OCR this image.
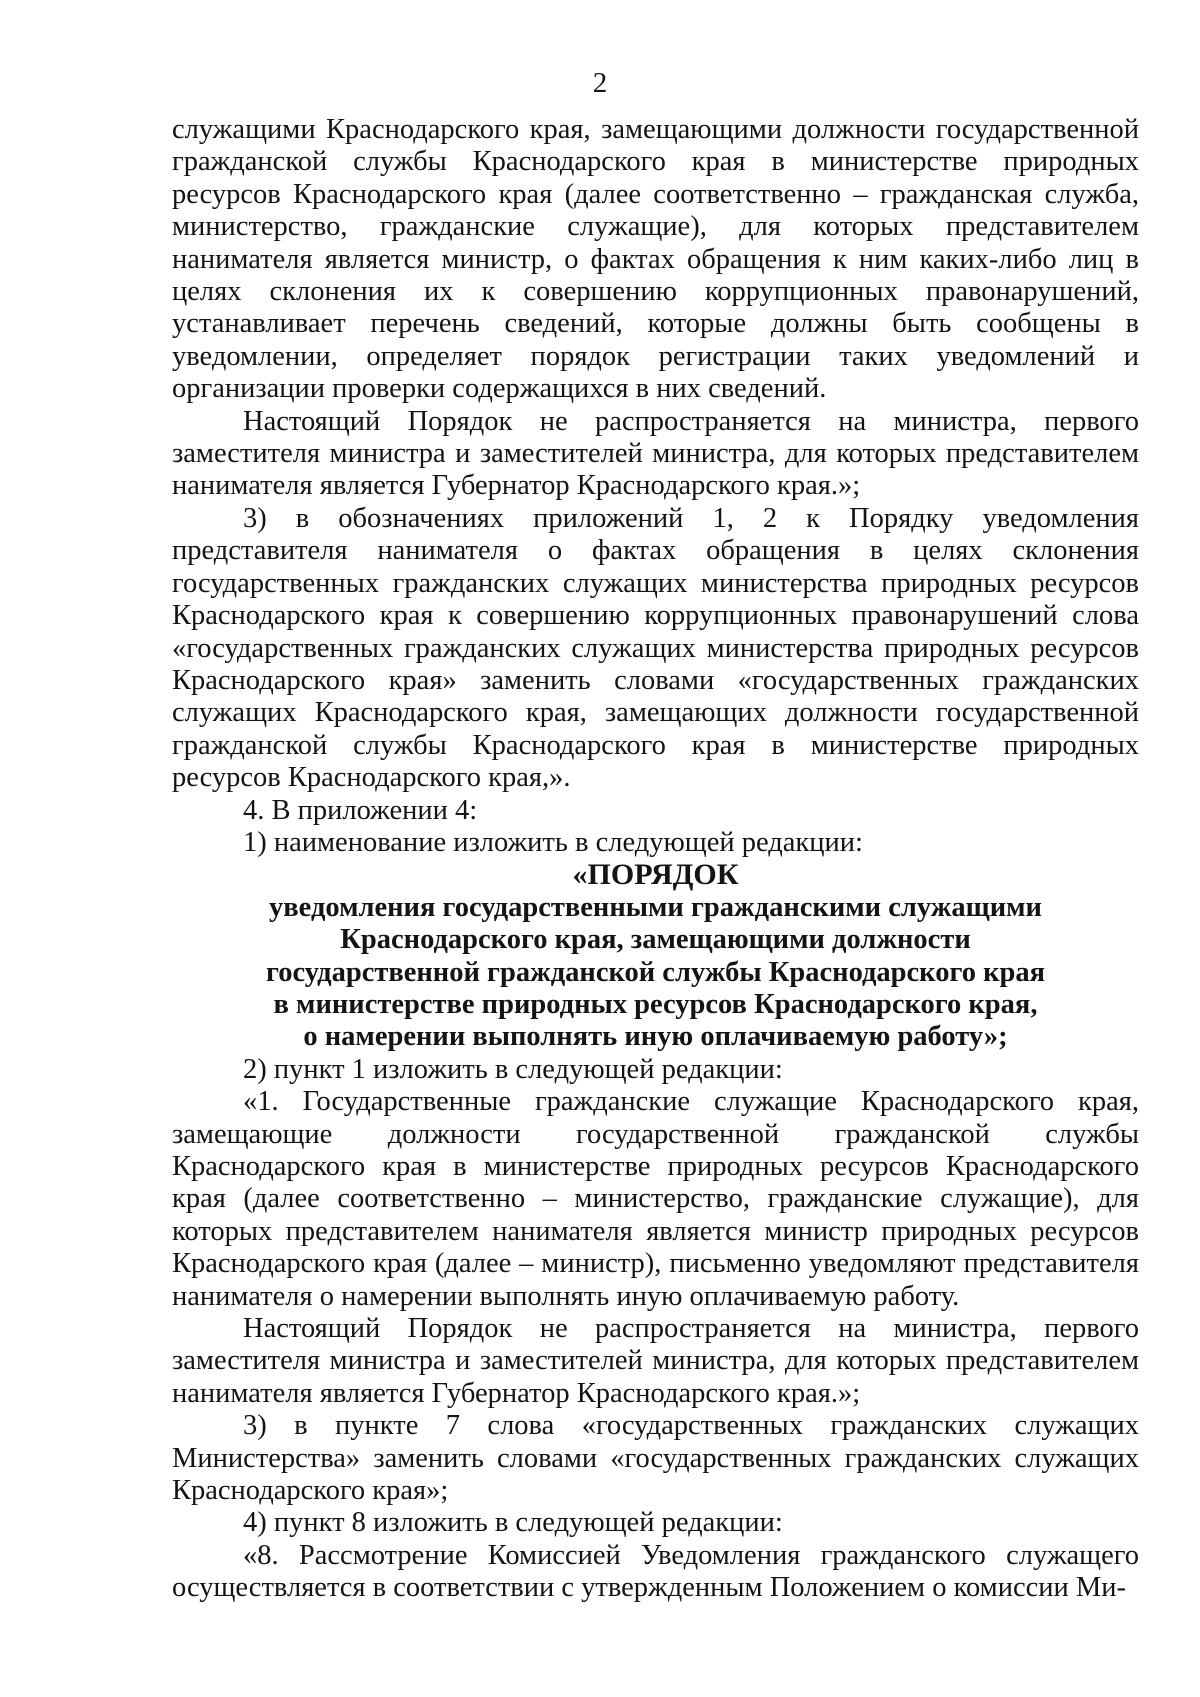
2

служащими Краснодарского края, замещающими должности государственной гражданской службы Краснодарского края в министерстве природных ресурсов Краснодарского края (далее соответственно – гражданская служба, министерство, гражданские служащие), для которых представителем нанимателя является министр, о фактах обращения к ним каких-либо лиц в целях склонения их к совершению коррупционных правонарушений, устанавливает перечень сведений, которые должны быть сообщены в уведомлении, определяет порядок регистрации таких уведомлений и организации проверки содержащихся в них сведений.

Настоящий Порядок не распространяется на министра, первого заместителя министра и заместителей министра, для которых представителем нанимателя является Губернатор Краснодарского края.»;

3) в обозначениях приложений 1, 2 к Порядку уведомления представителя нанимателя о фактах обращения в целях склонения государственных гражданских служащих министерства природных ресурсов Краснодарского края к совершению коррупционных правонарушений слова «государственных гражданских служащих министерства природных ресурсов Краснодарского края» заменить словами «государственных гражданских служащих Краснодарского края, замещающих должности государственной гражданской службы Краснодарского края в министерстве природных ресурсов Краснодарского края,».

4. В приложении 4:

1) наименование изложить в следующей редакции:

«ПОРЯДОК
уведомления государственными гражданскими служащими
Краснодарского края, замещающими должности
государственной гражданской службы Краснодарского края
в министерстве природных ресурсов Краснодарского края,
о намерении выполнять иную оплачиваемую работу»;

2) пункт 1 изложить в следующей редакции:

«1. Государственные гражданские служащие Краснодарского края, замещающие должности государственной гражданской службы Краснодарского края в министерстве природных ресурсов Краснодарского края (далее соответственно – министерство, гражданские служащие), для которых представителем нанимателя является министр природных ресурсов Краснодарского края (далее – министр), письменно уведомляют представителя нанимателя о намерении выполнять иную оплачиваемую работу.

Настоящий Порядок не распространяется на министра, первого заместителя министра и заместителей министра, для которых представителем нанимателя является Губернатор Краснодарского края.»;

3) в пункте 7 слова «государственных гражданских служащих Министерства» заменить словами «государственных гражданских служащих Краснодарского края»;

4) пункт 8 изложить в следующей редакции:

«8. Рассмотрение Комиссией Уведомления гражданского служащего осуществляется в соответствии с утвержденным Положением о комиссии Ми-
